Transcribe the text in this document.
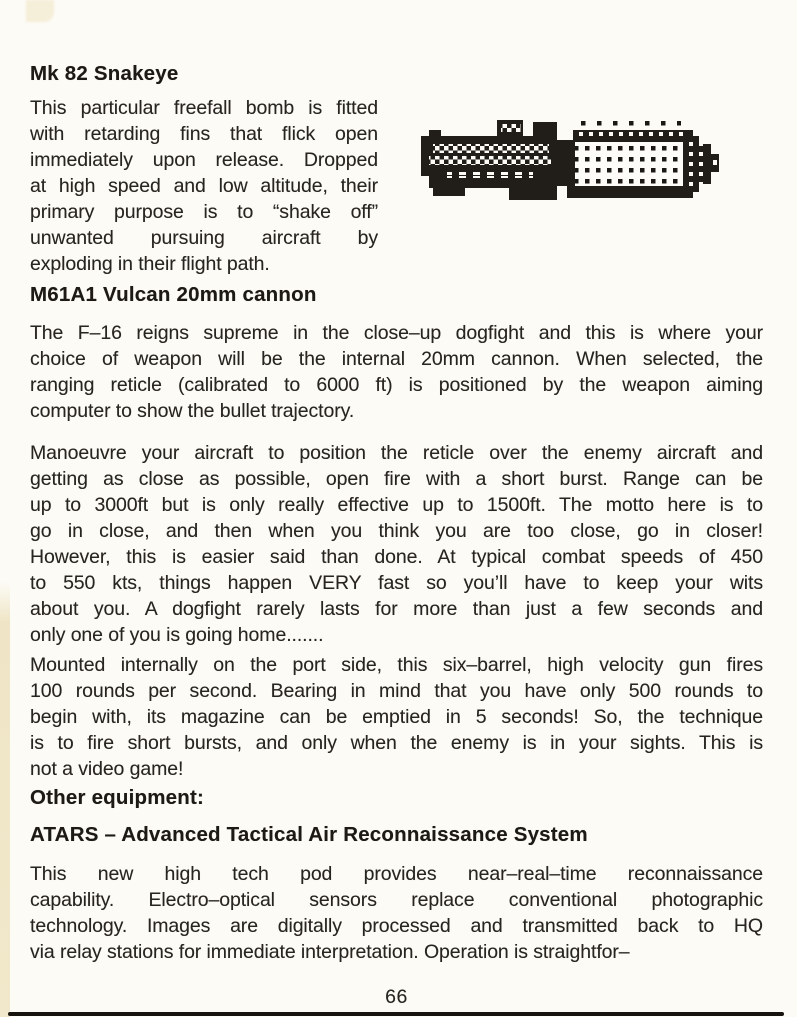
Mk 82 Snakeye
This particular freefall bomb is fitted
with retarding fins that flick open
immediately upon release. Dropped
at high speed and low altitude, their
primary purpose is to “shake off”
unwanted pursuing aircraft by
exploding in their flight path.
M61A1 Vulcan 20mm cannon
The F–16 reigns supreme in the close–up dogfight and this is where your
choice of weapon will be the internal 20mm cannon. When selected, the
ranging reticle (calibrated to 6000 ft) is positioned by the weapon aiming
computer to show the bullet trajectory.
Manoeuvre your aircraft to position the reticle over the enemy aircraft and
getting as close as possible, open fire with a short burst. Range can be
up to 3000ft but is only really effective up to 1500ft. The motto here is to
go in close, and then when you think you are too close, go in closer!
However, this is easier said than done. At typical combat speeds of 450
to 550 kts, things happen VERY fast so you’ll have to keep your wits
about you. A dogfight rarely lasts for more than just a few seconds and
only one of you is going home.......
Mounted internally on the port side, this six–barrel, high velocity gun fires
100 rounds per second. Bearing in mind that you have only 500 rounds to
begin with, its magazine can be emptied in 5 seconds! So, the technique
is to fire short bursts, and only when the enemy is in your sights. This is
not a video game!
Other equipment:
ATARS – Advanced Tactical Air Reconnaissance System
This new high tech pod provides near–real–time reconnaissance
capability. Electro–optical sensors replace conventional photographic
technology. Images are digitally processed and transmitted back to HQ
via relay stations for immediate interpretation. Operation is straightfor–
66
